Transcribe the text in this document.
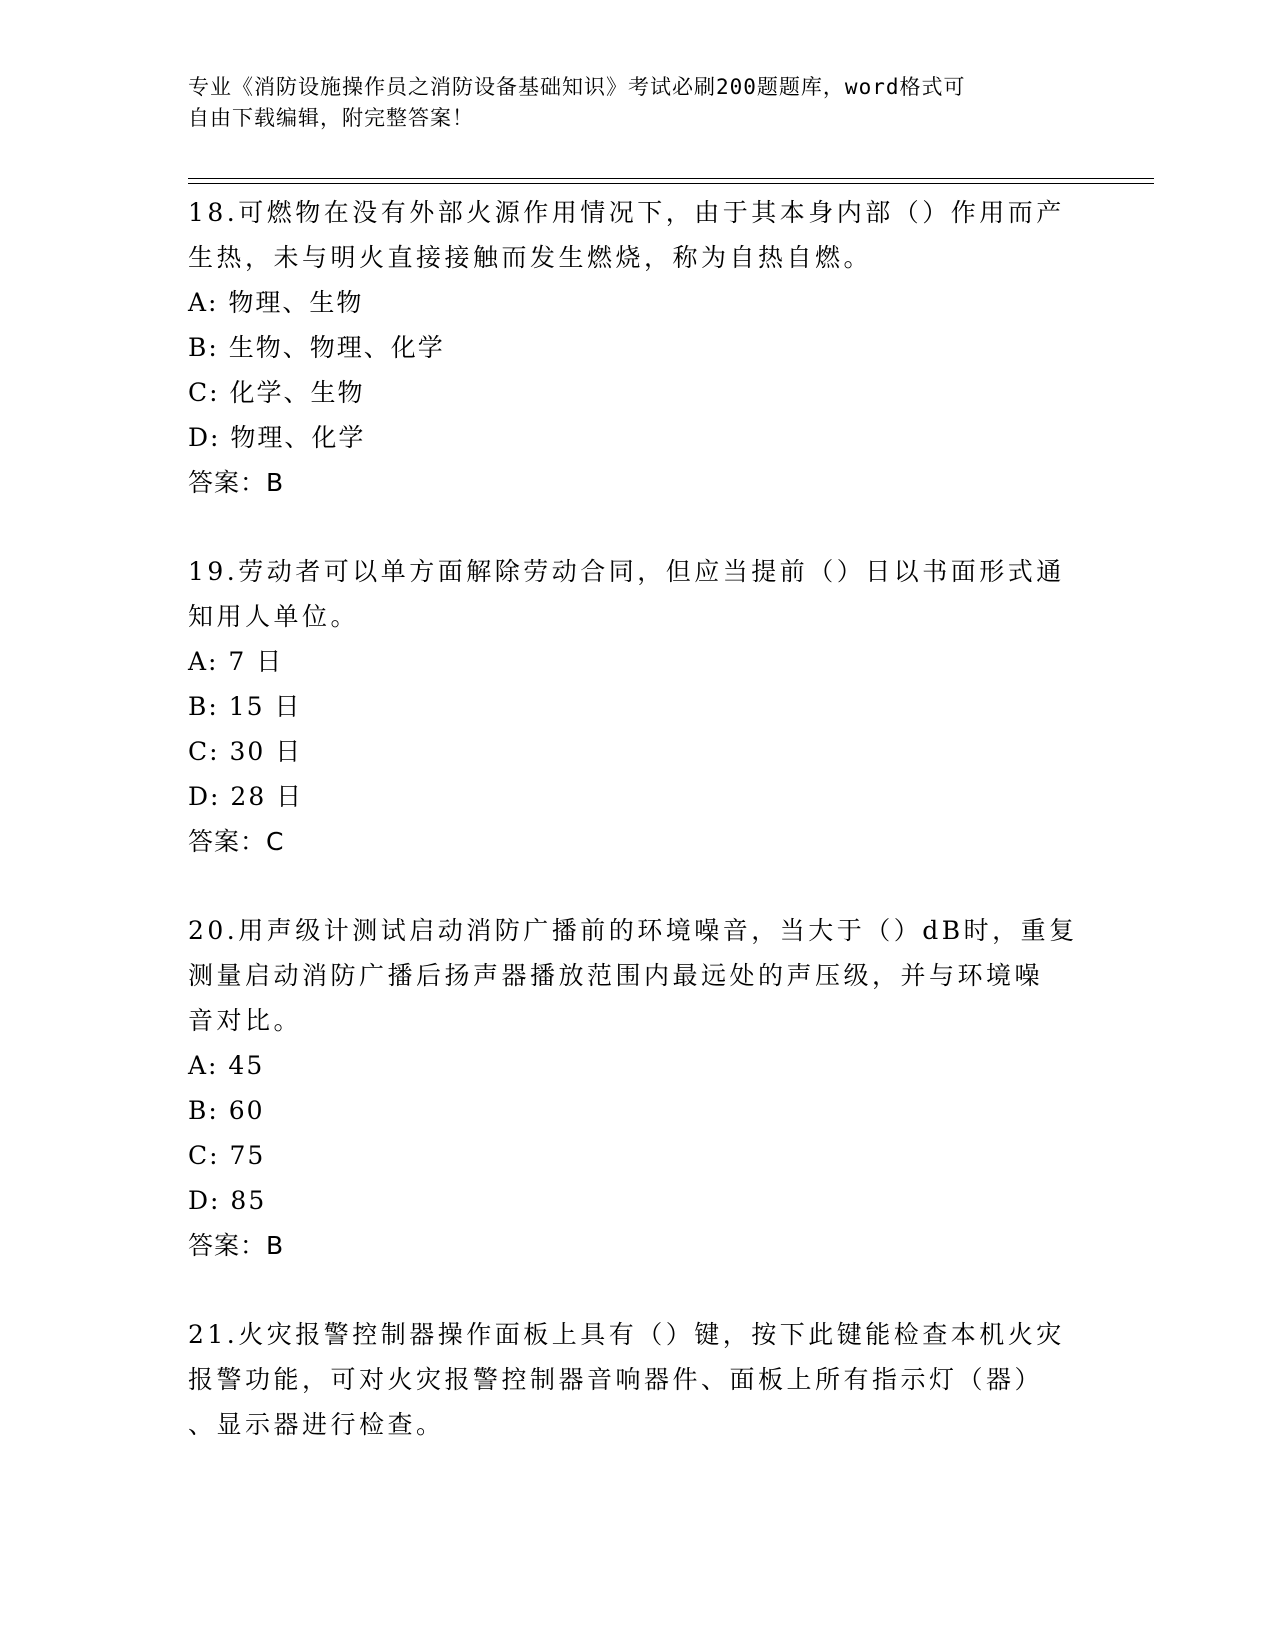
专业《消防设施操作员之消防设备基础知识》考试必刷200题题库，word格式可
自由下载编辑，附完整答案！
18.可燃物在没有外部火源作用情况下，由于其本身内部（）作用而产
生热，未与明火直接接触而发生燃烧，称为自热自燃。
A: 物理、生物
B: 生物、物理、化学
C: 化学、生物
D: 物理、化学
答案：B
19.劳动者可以单方面解除劳动合同，但应当提前（）日以书面形式通
知用人单位。
A: 7 日
B: 15 日
C: 30 日
D: 28 日
答案：C
20.用声级计测试启动消防广播前的环境噪音，当大于（）dB时，重复
测量启动消防广播后扬声器播放范围内最远处的声压级，并与环境噪
音对比。
A: 45
B: 60
C: 75
D: 85
答案：B
21.火灾报警控制器操作面板上具有（）键，按下此键能检查本机火灾
报警功能，可对火灾报警控制器音响器件、面板上所有指示灯（器）
、显示器进行检查。
